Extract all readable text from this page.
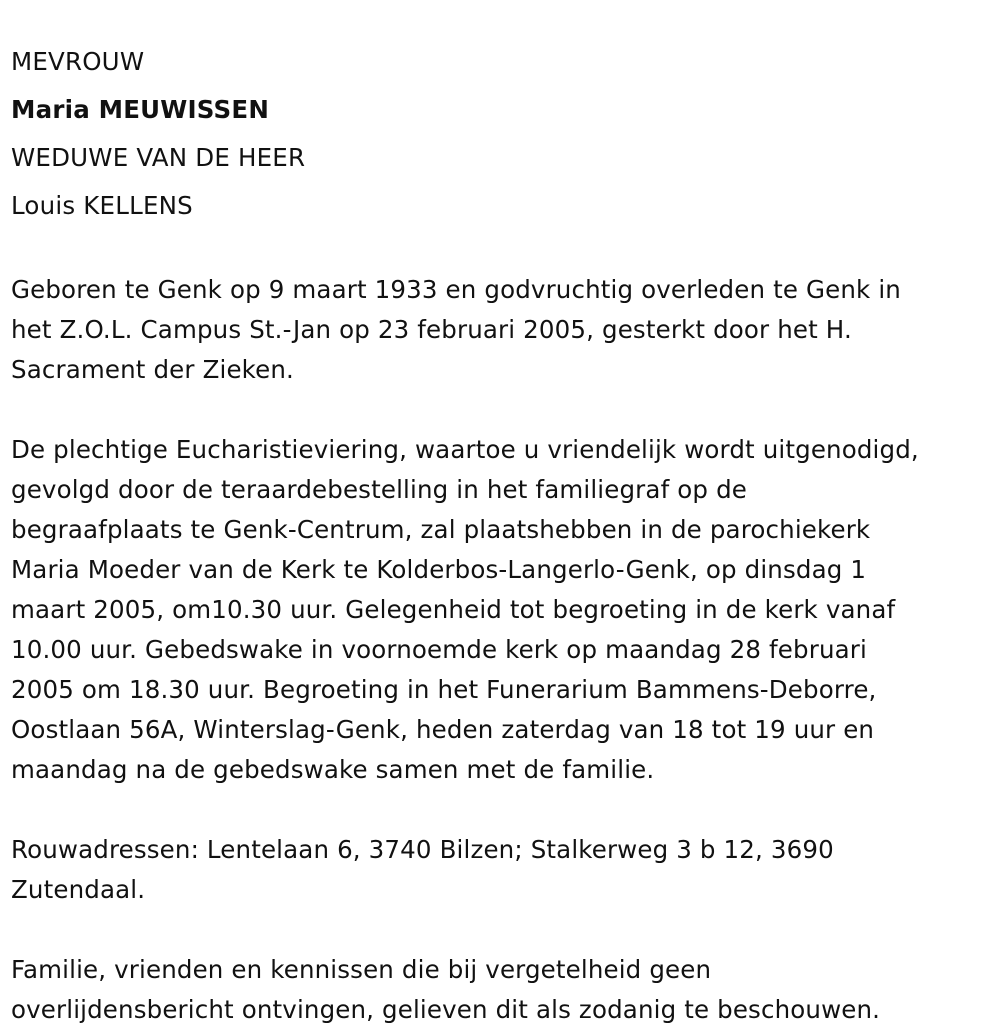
MEVROUW

Maria MEUWISSEN

WEDUWE VAN DE HEER

Louis KELLENS

Geboren te Genk op 9 maart 1933 en godvruchtig overleden te Genk in
het Z.O.L. Campus St.-Jan op 23 februari 2005, gesterkt door het H.
Sacrament der Zieken.
De plechtige Eucharistieviering, waartoe u vriendelijk wordt uitgenodigd,
gevolgd door de teraardebestelling in het familiegraf op de
begraafplaats te Genk-Centrum, zal plaatshebben in de parochiekerk
Maria Moeder van de Kerk te Kolderbos-Langerlo-Genk, op dinsdag 1
maart 2005, om10.30 uur. Gelegenheid tot begroeting in de kerk vanaf
10.00 uur. Gebedswake in voornoemde kerk op maandag 28 februari
2005 om 18.30 uur. Begroeting in het Funerarium Bammens-Deborre,
Oostlaan 56A, Winterslag-Genk, heden zaterdag van 18 tot 19 uur en
maandag na de gebedswake samen met de familie.
Rouwadressen: Lentelaan 6, 3740 Bilzen; Stalkerweg 3 b 12, 3690
Zutendaal.
Familie, vrienden en kennissen die bij vergetelheid geen
overlijdensbericht ontvingen, gelieven dit als zodanig te beschouwen.
